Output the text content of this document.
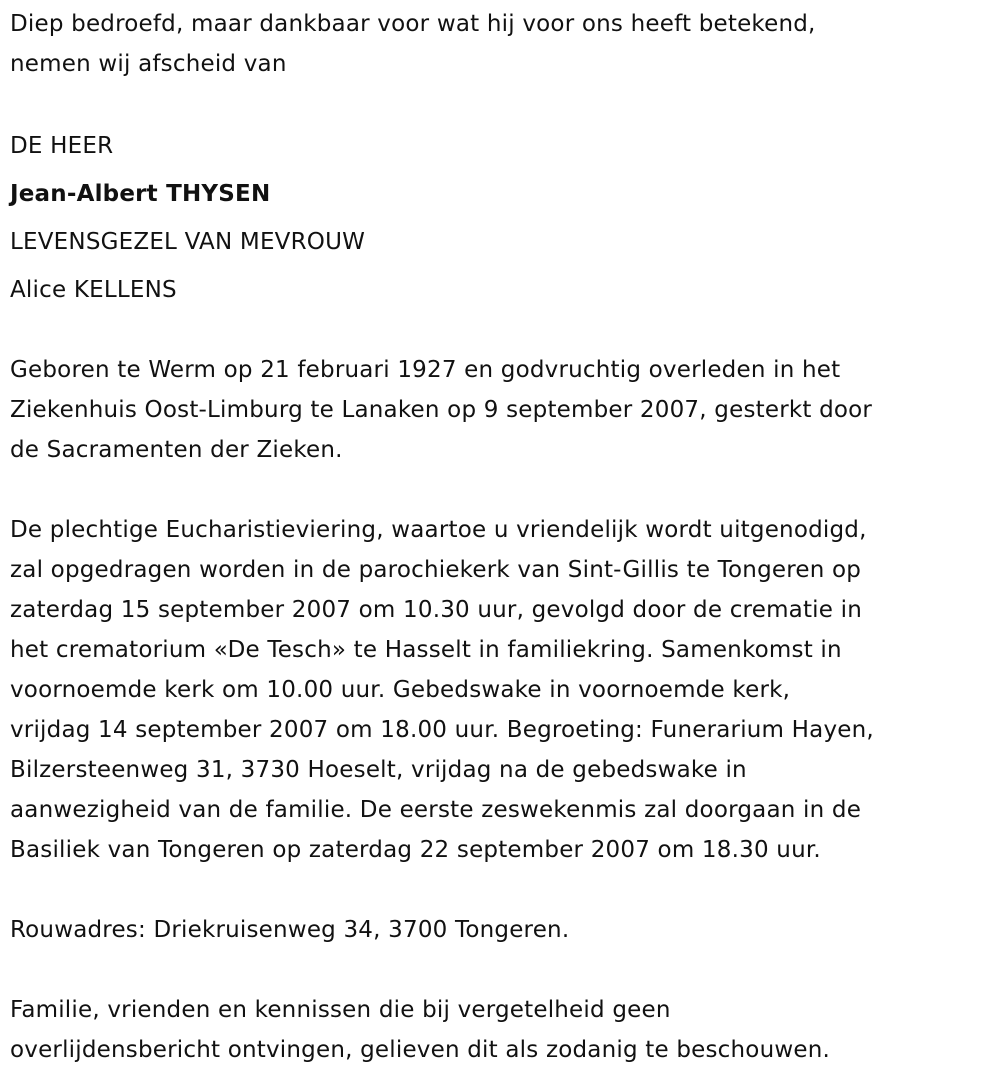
Diep bedroefd, maar dankbaar voor wat hij voor ons heeft betekend,
nemen wij afscheid van
DE HEER
Jean-Albert THYSEN
LEVENSGEZEL VAN MEVROUW
Alice KELLENS
Geboren te Werm op 21 februari 1927 en godvruchtig overleden in het
Ziekenhuis Oost-Limburg te Lanaken op 9 september 2007, gesterkt door
de Sacramenten der Zieken.
De plechtige Eucharistieviering, waartoe u vriendelijk wordt uitgenodigd,
zal opgedragen worden in de parochiekerk van Sint-Gillis te Tongeren op
zaterdag 15 september 2007 om 10.30 uur, gevolgd door de crematie in
het crematorium «De Tesch» te Hasselt in familiekring. Samenkomst in
voornoemde kerk om 10.00 uur. Gebedswake in voornoemde kerk,
vrijdag 14 september 2007 om 18.00 uur. Begroeting: Funerarium Hayen,
Bilzersteenweg 31, 3730 Hoeselt, vrijdag na de gebedswake in
aanwezigheid van de familie. De eerste zeswekenmis zal doorgaan in de
Basiliek van Tongeren op zaterdag 22 september 2007 om 18.30 uur.
Rouwadres: Driekruisenweg 34, 3700 Tongeren.
Familie, vrienden en kennissen die bij vergetelheid geen
overlijdensbericht ontvingen, gelieven dit als zodanig te beschouwen.
